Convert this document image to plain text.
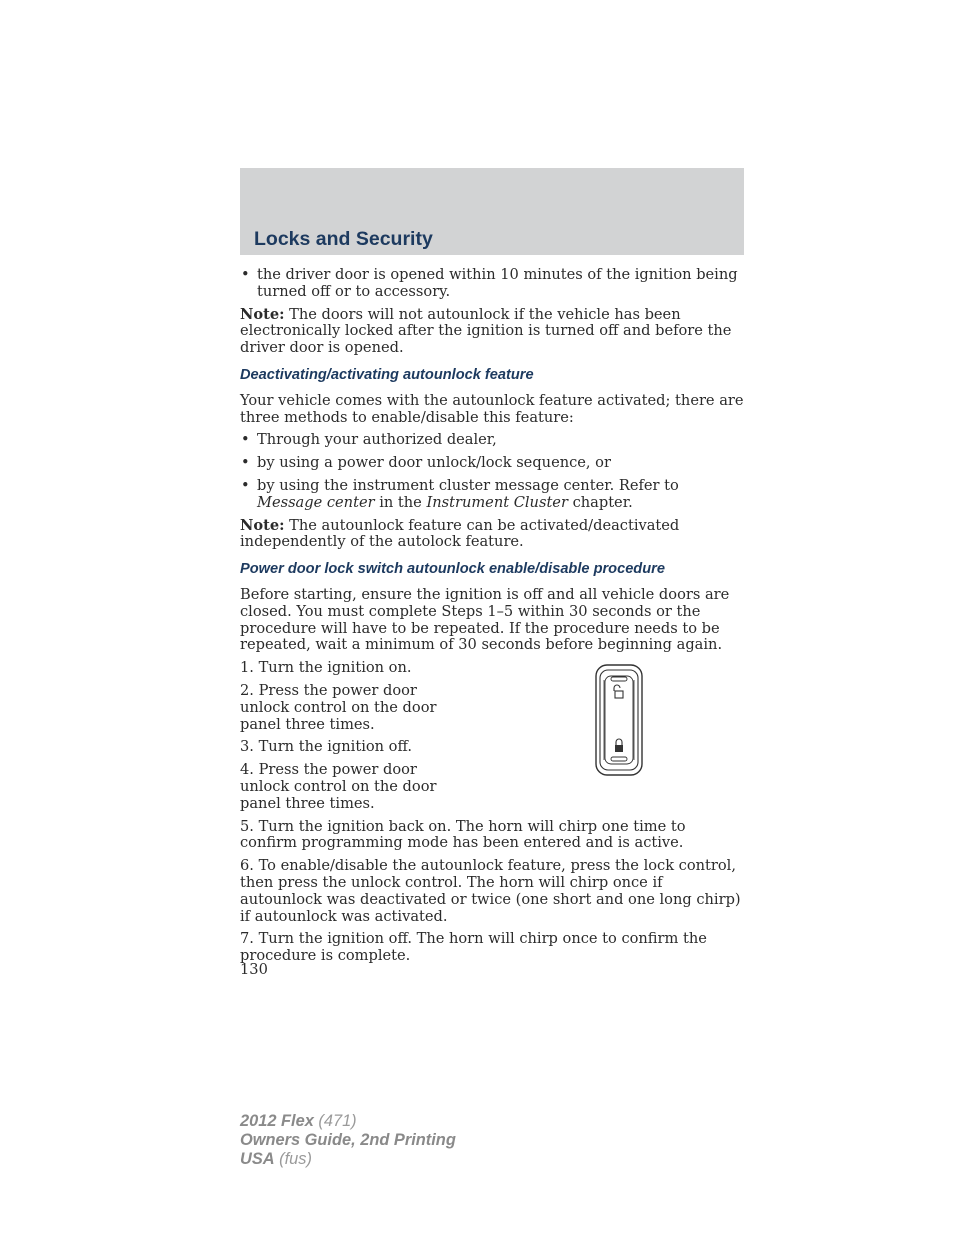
Locks and Security

• the driver door is opened within 10 minutes of the ignition being turned off or to accessory.

Note: The doors will not autounlock if the vehicle has been electronically locked after the ignition is turned off and before the driver door is opened.

Deactivating/activating autounlock feature

Your vehicle comes with the autounlock feature activated; there are three methods to enable/disable this feature:

• Through your authorized dealer,

• by using a power door unlock/lock sequence, or

• by using the instrument cluster message center. Refer to Message center in the Instrument Cluster chapter.

Note: The autounlock feature can be activated/deactivated independently of the autolock feature.

Power door lock switch autounlock enable/disable procedure

Before starting, ensure the ignition is off and all vehicle doors are closed. You must complete Steps 1–5 within 30 seconds or the procedure will have to be repeated. If the procedure needs to be repeated, wait a minimum of 30 seconds before beginning again.

1. Turn the ignition on.

2. Press the power door unlock control on the door panel three times.

3. Turn the ignition off.

4. Press the power door unlock control on the door panel three times.

5. Turn the ignition back on. The horn will chirp one time to confirm programming mode has been entered and is active.

6. To enable/disable the autounlock feature, press the lock control, then press the unlock control. The horn will chirp once if autounlock was deactivated or twice (one short and one long chirp) if autounlock was activated.

7. Turn the ignition off. The horn will chirp once to confirm the procedure is complete.

130
2012 Flex (471)
Owners Guide, 2nd Printing
USA (fus)
